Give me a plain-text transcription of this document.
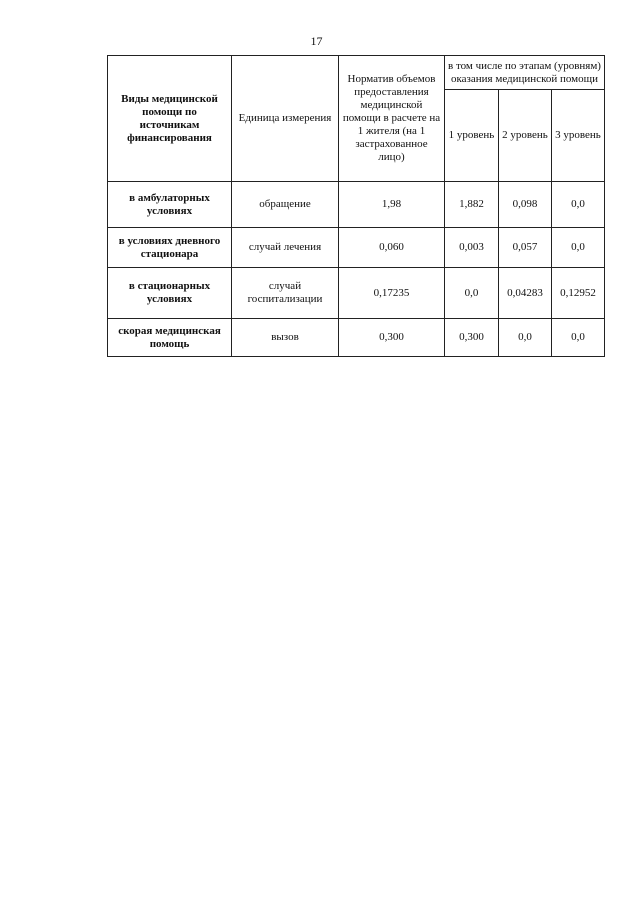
17
Виды медицинской помощи по источникам финансирования	Единица измерения	Норматив объемов предоставления медицинской помощи в расчете на 1 жителя (на 1 застрахованное лицо)	в том числе по этапам (уровням) оказания медицинской помощи		
			1 уровень	2 уровень	3 уровень
в амбулаторных условиях	обращение	1,98	1,882	0,098	0,0
в условиях дневного стационара	случай лечения	0,060	0,003	0,057	0,0
в стационарных условиях	случай госпитализации	0,17235	0,0	0,04283	0,12952
скорая медицинская помощь	вызов	0,300	0,300	0,0	0,0
